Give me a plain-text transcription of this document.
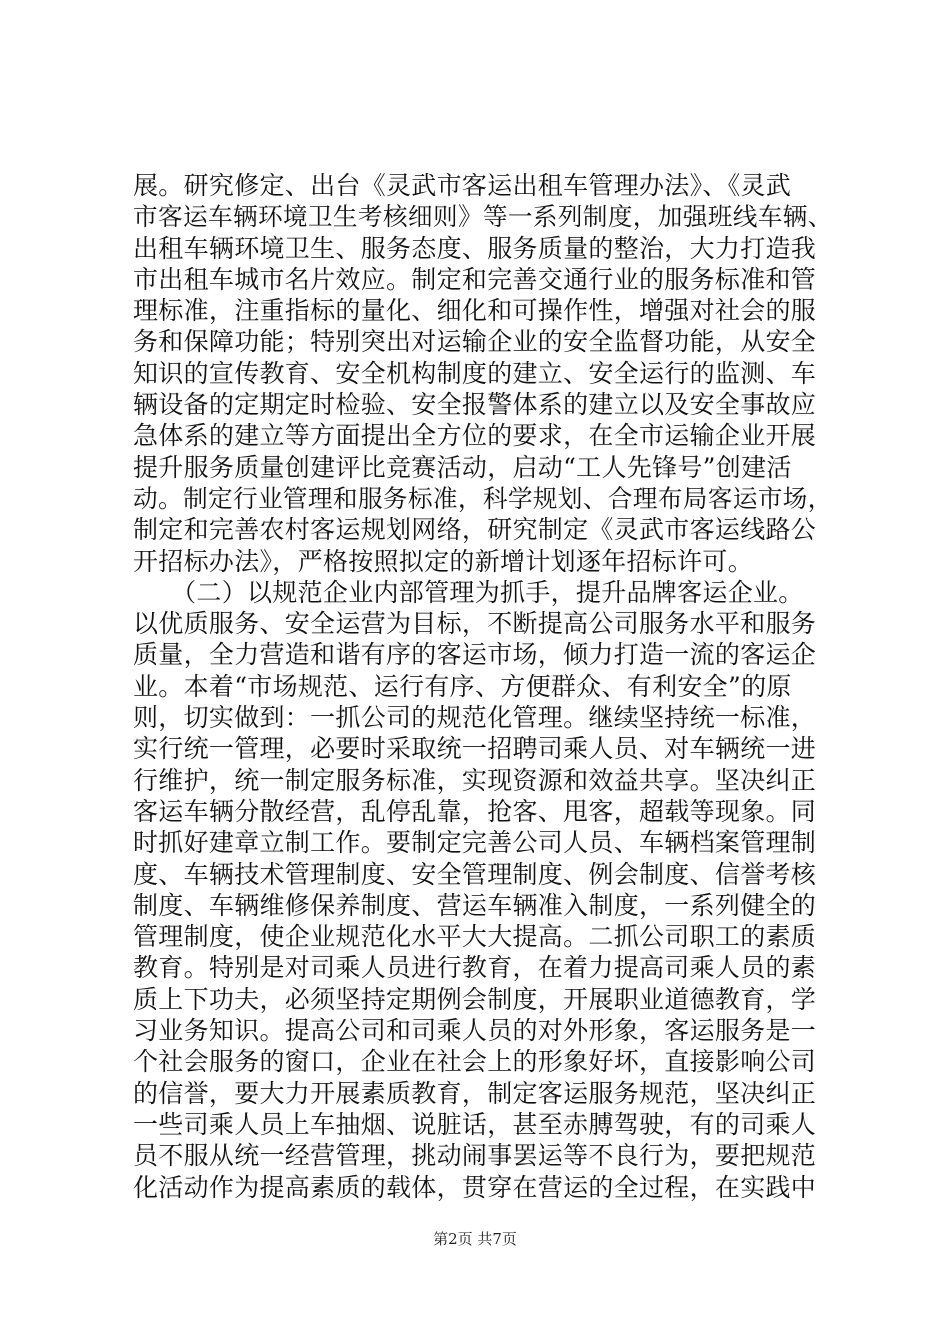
展。研究修定、出台《灵武市客运出租车管理办法》、《灵武
市客运车辆环境卫生考核细则》等一系列制度，加强班线车辆、
出租车辆环境卫生、服务态度、服务质量的整治，大力打造我
市出租车城市名片效应。制定和完善交通行业的服务标准和管
理标准，注重指标的量化、细化和可操作性，增强对社会的服
务和保障功能；特别突出对运输企业的安全监督功能，从安全
知识的宣传教育、安全机构制度的建立、安全运行的监测、车
辆设备的定期定时检验、安全报警体系的建立以及安全事故应
急体系的建立等方面提出全方位的要求，在全市运输企业开展
提升服务质量创建评比竞赛活动，启动“工人先锋号”创建活
动。制定行业管理和服务标准，科学规划、合理布局客运市场，
制定和完善农村客运规划网络，研究制定《灵武市客运线路公
开招标办法》，严格按照拟定的新增计划逐年招标许可。
　　（二）以规范企业内部管理为抓手，提升品牌客运企业。
以优质服务、安全运营为目标，不断提高公司服务水平和服务
质量，全力营造和谐有序的客运市场，倾力打造一流的客运企
业。本着“市场规范、运行有序、方便群众、有利安全”的原
则，切实做到：一抓公司的规范化管理。继续坚持统一标准，
实行统一管理，必要时采取统一招聘司乘人员、对车辆统一进
行维护，统一制定服务标准，实现资源和效益共享。坚决纠正
客运车辆分散经营，乱停乱靠，抢客、甩客，超载等现象。同
时抓好建章立制工作。要制定完善公司人员、车辆档案管理制
度、车辆技术管理制度、安全管理制度、例会制度、信誉考核
制度、车辆维修保养制度、营运车辆准入制度，一系列健全的
管理制度，使企业规范化水平大大提高。二抓公司职工的素质
教育。特别是对司乘人员进行教育，在着力提高司乘人员的素
质上下功夫，必须坚持定期例会制度，开展职业道德教育，学
习业务知识。提高公司和司乘人员的对外形象，客运服务是一
个社会服务的窗口，企业在社会上的形象好坏，直接影响公司
的信誉，要大力开展素质教育，制定客运服务规范，坚决纠正
一些司乘人员上车抽烟、说脏话，甚至赤膊驾驶，有的司乘人
员不服从统一经营管理，挑动闹事罢运等不良行为，要把规范
化活动作为提高素质的载体，贯穿在营运的全过程，在实践中
第2页 共7页
